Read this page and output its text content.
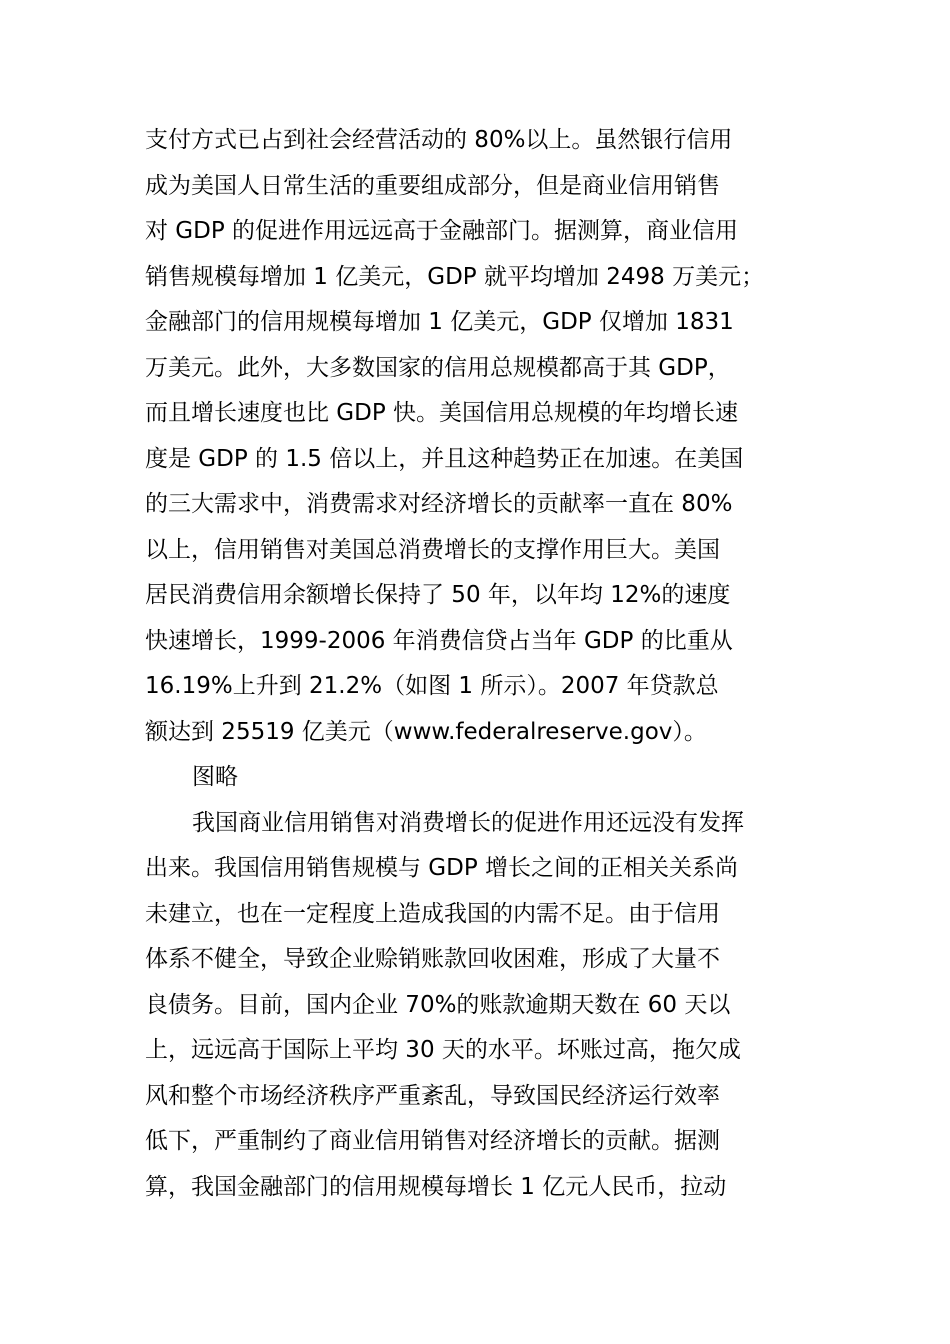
支付方式已占到社会经营活动的 80%以上。虽然银行信用
成为美国人日常生活的重要组成部分，但是商业信用销售
对 GDP 的促进作用远远高于金融部门。据测算，商业信用
销售规模每增加 1 亿美元，GDP 就平均增加 2498 万美元；
金融部门的信用规模每增加 1 亿美元，GDP 仅增加 1831
万美元。此外，大多数国家的信用总规模都高于其 GDP，
而且增长速度也比 GDP 快。美国信用总规模的年均增长速
度是 GDP 的 1.5 倍以上，并且这种趋势正在加速。在美国
的三大需求中，消费需求对经济增长的贡献率一直在 80%
以上，信用销售对美国总消费增长的支撑作用巨大。美国
居民消费信用余额增长保持了 50 年，以年均 12%的速度
快速增长，1999-2006 年消费信贷占当年 GDP 的比重从
16.19%上升到 21.2%（如图 1 所示）。2007 年贷款总
额达到 25519 亿美元（www.federalreserve.gov）。
图略
我国商业信用销售对消费增长的促进作用还远没有发挥
出来。我国信用销售规模与 GDP 增长之间的正相关关系尚
未建立，也在一定程度上造成我国的内需不足。由于信用
体系不健全，导致企业赊销账款回收困难，形成了大量不
良债务。目前，国内企业 70%的账款逾期天数在 60 天以
上，远远高于国际上平均 30 天的水平。坏账过高，拖欠成
风和整个市场经济秩序严重紊乱，导致国民经济运行效率
低下，严重制约了商业信用销售对经济增长的贡献。据测
算，我国金融部门的信用规模每增长 1 亿元人民币，拉动
